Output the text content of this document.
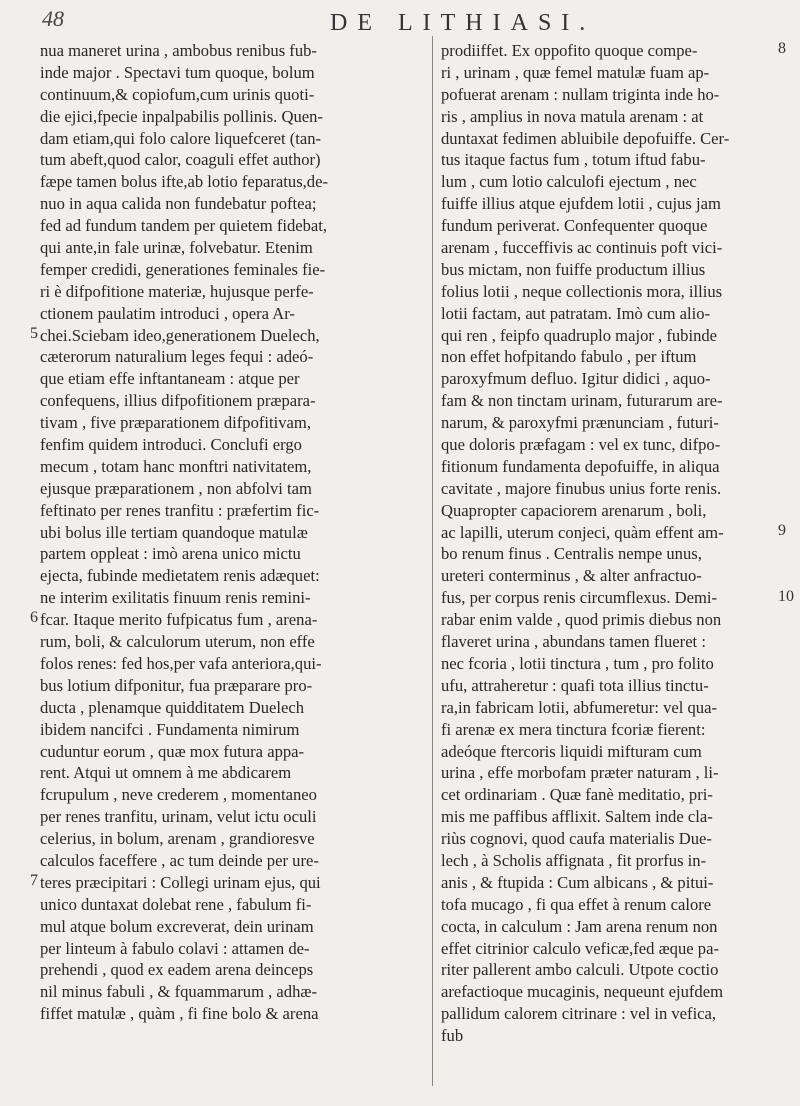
48	DE LITHIASI.
nua maneret urina , ambobus renibus fub-
inde major . Spectavi tum quoque, bolum
continuum,& copiofum,cum urinis quoti-
die ejici,fpecie inpalpabilis pollinis. Quen-
dam etiam,qui folo calore liquefceret (tan-
tum abeft,quod calor, coaguli effet author)
fæpe tamen bolus ifte,ab lotio feparatus,de-
nuo in aqua calida non fundebatur poftea;
fed ad fundum tandem per quietem fidebat,
qui ante,in fale urinæ, folvebatur. Etenim
femper credidi, generationes feminales fie-
ri è difpofitione materiæ, hujusque perfe-
ctionem paulatim introduci , opera Ar-
chei.Sciebam ideo,generationem Duelech,
cæterorum naturalium leges fequi : adeó-
que etiam effe inftantaneam : atque per
confequens, illius difpofitionem præpara-
tivam , five præparationem difpofitivam,
fenfim quidem introduci. Conclufi ergo
mecum , totam hanc monftri nativitatem,
ejusque præparationem , non abfolvi tam
feftinato per renes tranfitu : præfertim fic-
ubi bolus ille tertiam quandoque matulæ
partem oppleat : imò arena unico mictu
ejecta, fubinde medietatem renis adæquet:
ne interim exilitatis finuum renis remini-
fcar. Itaque merito fufpicatus fum , arena-
rum, boli, & calculorum uterum, non effe
folos renes: fed hos,per vafa anteriora,qui-
bus lotium difponitur, fua præparare pro-
ducta , plenamque quidditatem Duelech
ibidem nancifci . Fundamenta nimirum
cuduntur eorum , quæ mox futura appa-
rent. Atqui ut omnem à me abdicarem
fcrupulum , neve crederem , momentaneo
per renes tranfitu, urinam, velut ictu oculi
celerius, in bolum, arenam , grandioresve
calculos faceffere , ac tum deinde per ure-
teres præcipitari : Collegi urinam ejus, qui
unico duntaxat dolebat rene , fabulum fi-
mul atque bolum excreverat, dein urinam
per linteum à fabulo colavi : attamen de-
prehendi , quod ex eadem arena deinceps
nil minus fabuli , & fquammarum , adhæ-
fiffet matulæ , quàm , fi fine bolo & arena
prodiiffet. Ex oppofito quoque compe-
ri , urinam , quæ femel matulæ fuam ap-
pofuerat arenam : nullam triginta inde ho-
ris , amplius in nova matula arenam : at
duntaxat fedimen abluibile depofuiffe. Cer-
tus itaque factus fum , totum iftud fabu-
lum , cum lotio calculofi ejectum , nec
fuiffe illius atque ejufdem lotii , cujus jam
fundum periverat. Confequenter quoque
arenam , fucceffivis ac continuis poft vici-
bus mictam, non fuiffe productum illius
folius lotii , neque collectionis mora, illius
lotii factam, aut patratam. Imò cum alio-
qui ren , feipfo quadruplo major , fubinde
non effet hofpitando fabulo , per iftum
paroxyfmum defluo. Igitur didici , aquo-
fam & non tinctam urinam, futurarum are-
narum, & paroxyfmi prænunciam , futuri-
que doloris præfagam : vel ex tunc, difpo-
fitionum fundamenta depofuiffe, in aliqua
cavitate , majore finubus unius forte renis.
Quapropter capaciorem arenarum , boli,
ac lapilli, uterum conjeci, quàm effent am-
bo renum finus . Centralis nempe unus,
ureteri conterminus , & alter anfractuo-
fus, per corpus renis circumflexus. Demi-
rabar enim valde , quod primis diebus non
flaveret urina , abundans tamen flueret :
nec fcoria , lotii tinctura , tum , pro folito
ufu, attraheretur : quafi tota illius tinctu-
ra,in fabricam lotii, abfumeretur: vel qua-
fi arenæ ex mera tinctura fcoriæ fierent:
adeóque ftercoris liquidi mifturam cum
urina , effe morbofam præter naturam , li-
cet ordinariam . Quæ fanè meditatio, pri-
mis me paffibus afflixit. Saltem inde cla-
riùs cognovi, quod caufa materialis Due-
lech , à Scholis affignata , fit prorfus in-
anis , & ftupida : Cum albicans , & pitui-
tofa mucago , fi qua effet à renum calore
cocta, in calculum : Jam arena renum non
effet citrinior calculo veficæ,fed æque pa-
riter pallerent ambo calculi. Utpote coctio
arefactioque mucaginis, nequeunt ejufdem
pallidum calorem citrinare : vel in vefica,
fub
5
6
7
8
9
10
